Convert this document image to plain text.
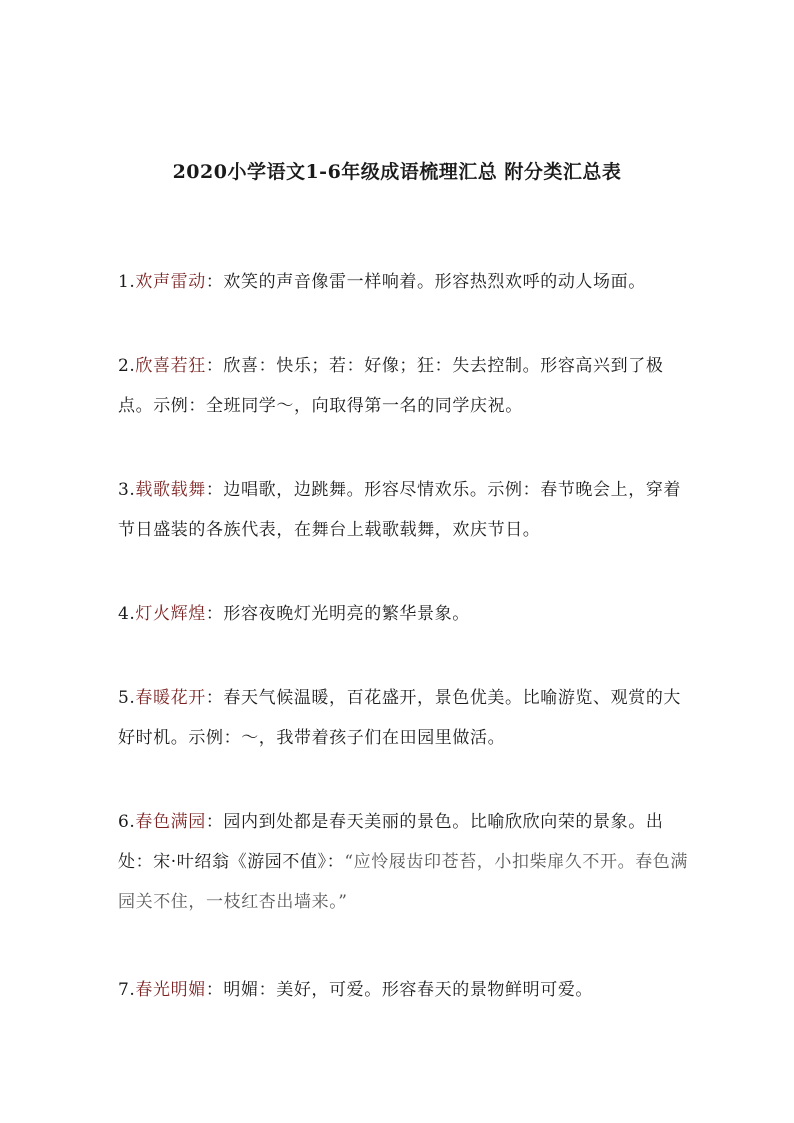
2020小学语文1-6年级成语梳理汇总 附分类汇总表
1.欢声雷动：欢笑的声音像雷一样响着。形容热烈欢呼的动人场面。
2.欣喜若狂：欣喜：快乐；若：好像；狂：失去控制。形容高兴到了极点。示例：全班同学～，向取得第一名的同学庆祝。
3.载歌载舞：边唱歌，边跳舞。形容尽情欢乐。示例：春节晚会上，穿着节日盛装的各族代表，在舞台上载歌载舞，欢庆节日。
4.灯火辉煌：形容夜晚灯光明亮的繁华景象。
5.春暖花开：春天气候温暖，百花盛开，景色优美。比喻游览、观赏的大好时机。示例：～，我带着孩子们在田园里做活。
6.春色满园：园内到处都是春天美丽的景色。比喻欣欣向荣的景象。出处：宋·叶绍翁《游园不值》：“应怜屐齿印苍苔，小扣柴扉久不开。春色满园关不住，一枝红杏出墙来。”
7.春光明媚：明媚：美好，可爱。形容春天的景物鲜明可爱。
